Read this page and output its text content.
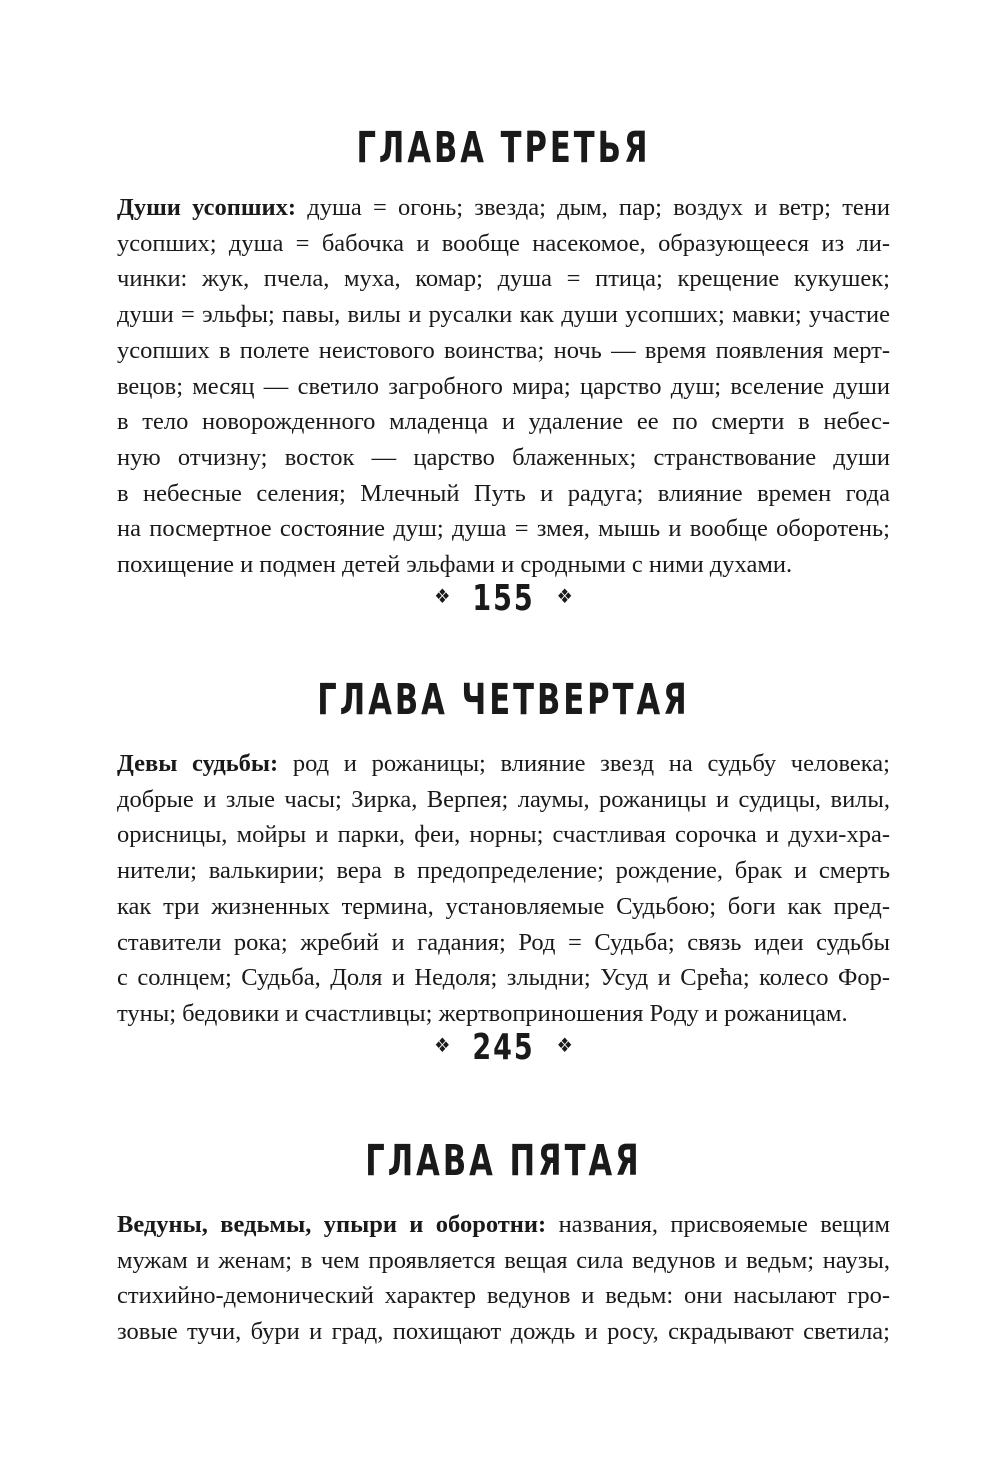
ГЛАВА ТРЕТЬЯ
Души усопших: душа = огонь; звезда; дым, пар; воздух и ветр; тени
усопших; душа = бабочка и вообще насекомое, образующееся из ли-
чинки: жук, пчела, муха, комар; душа = птица; крещение кукушек;
души = эльфы; павы, вилы и русалки как души усопших; мавки; участие
усопших в полете неистового воинства; ночь — время появления мерт-
вецов; месяц — светило загробного мира; царство душ; вселение души
в тело новорожденного младенца и удаление ее по смерти в небес-
ную отчизну; восток — царство блаженных; странствование души
в небесные селения; Млечный Путь и радуга; влияние времен года
на посмертное состояние душ; душа = змея, мышь и вообще оборотень;
похищение и подмен детей эльфами и сродными с ними духами.
❖ 155 ❖
ГЛАВА ЧЕТВЕРТАЯ
Девы судьбы: род и рожаницы; влияние звезд на судьбу человека;
добрые и злые часы; Зирка, Верпея; лаумы, рожаницы и судицы, вилы,
орисницы, мойры и парки, феи, норны; счастливая сорочка и духи-хра-
нители; валькирии; вера в предопределение; рождение, брак и смерть
как три жизненных термина, установляемые Судьбою; боги как пред-
ставители рока; жребий и гадания; Род = Судьба; связь идеи судьбы
с солнцем; Судьба, Доля и Недоля; злыдни; Усуд и Срећа; колесо Фор-
туны; бедовики и счастливцы; жертвоприношения Роду и рожаницам.
❖ 245 ❖
ГЛАВА ПЯТАЯ
Ведуны, ведьмы, упыри и оборотни: названия, присвояемые вещим
мужам и женам; в чем проявляется вещая сила ведунов и ведьм; наузы,
стихийно-демонический характер ведунов и ведьм: они насылают гро-
зовые тучи, бури и град, похищают дождь и росу, скрадывают светила;
